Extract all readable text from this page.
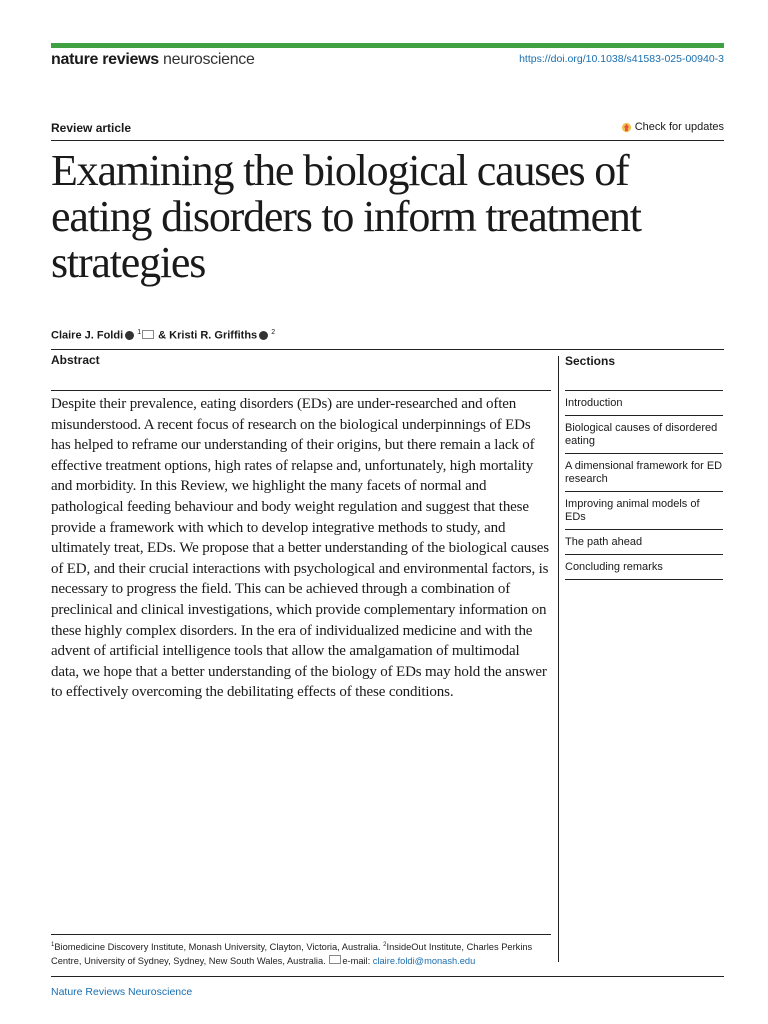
nature reviews neuroscience	https://doi.org/10.1038/s41583-025-00940-3
Review article	Check for updates
Examining the biological causes of eating disorders to inform treatment strategies
Claire J. Foldi $^1$ & Kristi R. Griffiths $^2$
Abstract

Despite their prevalence, eating disorders (EDs) are under-researched and often misunderstood. A recent focus of research on the biological underpinnings of EDs has helped to reframe our understanding of their origins, but there remain a lack of effective treatment options, high rates of relapse and, unfortunately, high mortality and morbidity. In this Review, we highlight the many facets of normal and pathological feeding behaviour and body weight regulation and suggest that these provide a framework with which to develop integrative methods to study, and ultimately treat, EDs. We propose that a better understanding of the biological causes of ED, and their crucial interactions with psychological and environmental factors, is necessary to progress the field. This can be achieved through a combination of preclinical and clinical investigations, which provide complementary information on these highly complex disorders. In the era of individualized medicine and with the advent of artificial intelligence tools that allow the amalgamation of multimodal data, we hope that a better understanding of the biology of EDs may hold the answer to effectively overcoming the debilitating effects of these conditions.

Sections
Introduction
Biological causes of disordered eating
A dimensional framework for ED research
Improving animal models of EDs
The path ahead
Concluding remarks
$^1$Biomedicine Discovery Institute, Monash University, Clayton, Victoria, Australia. $^2$InsideOut Institute, Charles Perkins Centre, University of Sydney, Sydney, New South Wales, Australia. e-mail: claire.foldi@monash.edu
Nature Reviews Neuroscience
